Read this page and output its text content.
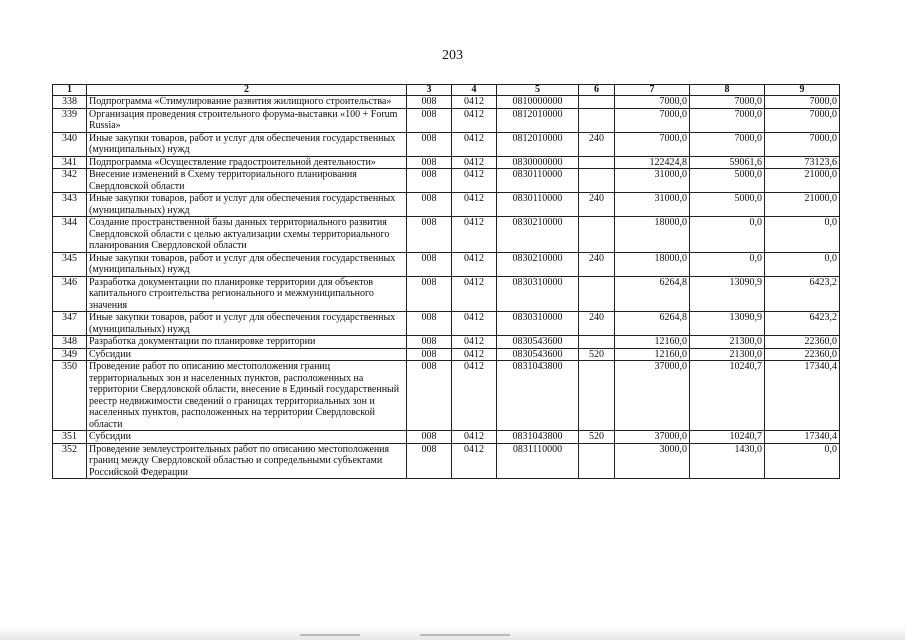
203
1	2	3	4	5	6	7	8	9
338	Подпрограмма «Стимулирование развития жилищного строительства»	008	0412	0810000000		7000,0	7000,0	7000,0
339	Организация проведения строительного форума-выставки «100 + Forum Russia»	008	0412	0812010000		7000,0	7000,0	7000,0
340	Иные закупки товаров, работ и услуг для обеспечения государственных (муниципальных) нужд	008	0412	0812010000	240	7000,0	7000,0	7000,0
341	Подпрограмма «Осуществление градостроительной деятельности»	008	0412	0830000000		122424,8	59061,6	73123,6
342	Внесение изменений в Схему территориального планирования Свердловской области	008	0412	0830110000		31000,0	5000,0	21000,0
343	Иные закупки товаров, работ и услуг для обеспечения государственных (муниципальных) нужд	008	0412	0830110000	240	31000,0	5000,0	21000,0
344	Создание пространственной базы данных территориального развития Свердловской области с целью актуализации схемы территориального планирования Свердловской области	008	0412	0830210000		18000,0	0,0	0,0
345	Иные закупки товаров, работ и услуг для обеспечения государственных (муниципальных) нужд	008	0412	0830210000	240	18000,0	0,0	0,0
346	Разработка документации по планировке территории для объектов капитального строительства регионального и межмуниципального значения	008	0412	0830310000		6264,8	13090,9	6423,2
347	Иные закупки товаров, работ и услуг для обеспечения государственных (муниципальных) нужд	008	0412	0830310000	240	6264,8	13090,9	6423,2
348	Разработка документации по планировке территории	008	0412	0830543600		12160,0	21300,0	22360,0
349	Субсидии	008	0412	0830543600	520	12160,0	21300,0	22360,0
350	Проведение работ по описанию местоположения границ территориальных зон и населенных пунктов, расположенных на территории Свердловской области, внесение в Единый государственный реестр недвижимости сведений о границах территориальных зон и населенных пунктов, расположенных на территории Свердловской области	008	0412	0831043800		37000,0	10240,7	17340,4
351	Субсидии	008	0412	0831043800	520	37000,0	10240,7	17340,4
352	Проведение землеустроительных работ по описанию местоположения границ между Свердловской областью и сопредельными субъектами Российской Федерации	008	0412	0831110000		3000,0	1430,0	0,0
